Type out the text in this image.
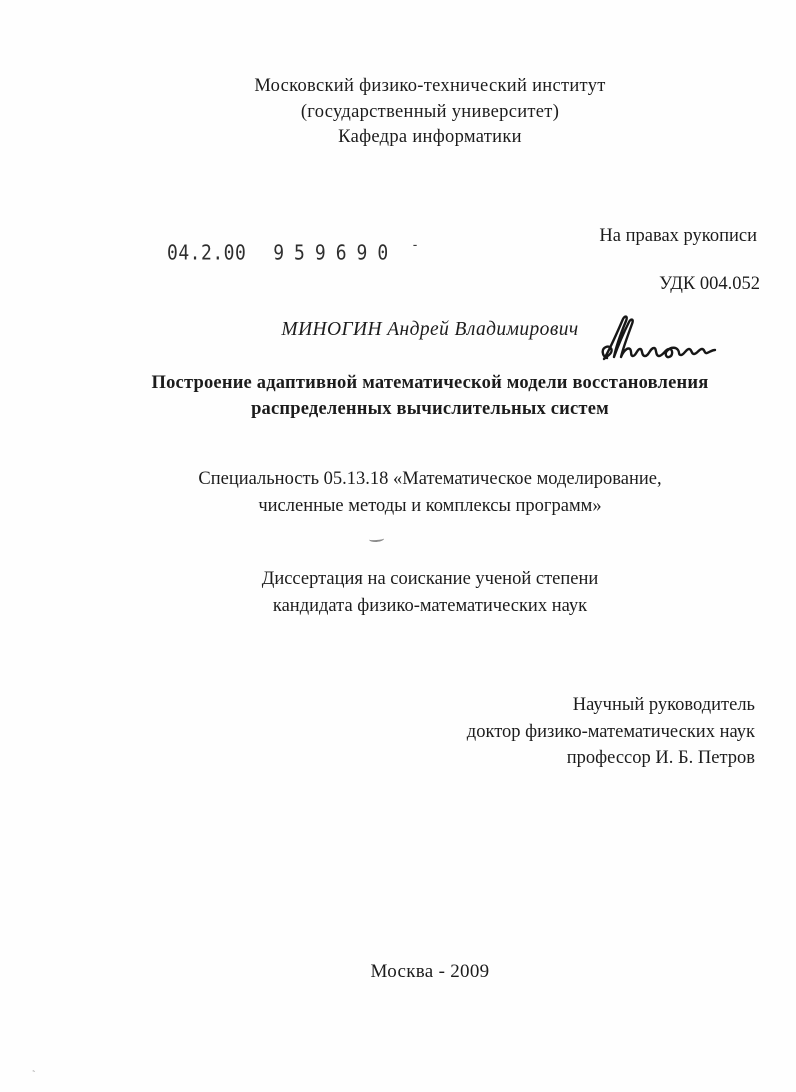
Московский физико-технический институт
(государственный университет)
Кафедра информатики
04.2.00 959690 -	На правах рукописи
УДК 004.052
МИНОГИН Андрей Владимирович
Построение адаптивной математической модели восстановления
распределенных вычислительных систем
Специальность 05.13.18 «Математическое моделирование,
численные методы и комплексы программ»
Диссертация на соискание ученой степени
кандидата физико-математических наук
Научный руководитель
доктор физико-математических наук
профессор И. Б. Петров
Москва - 2009
ˏ
